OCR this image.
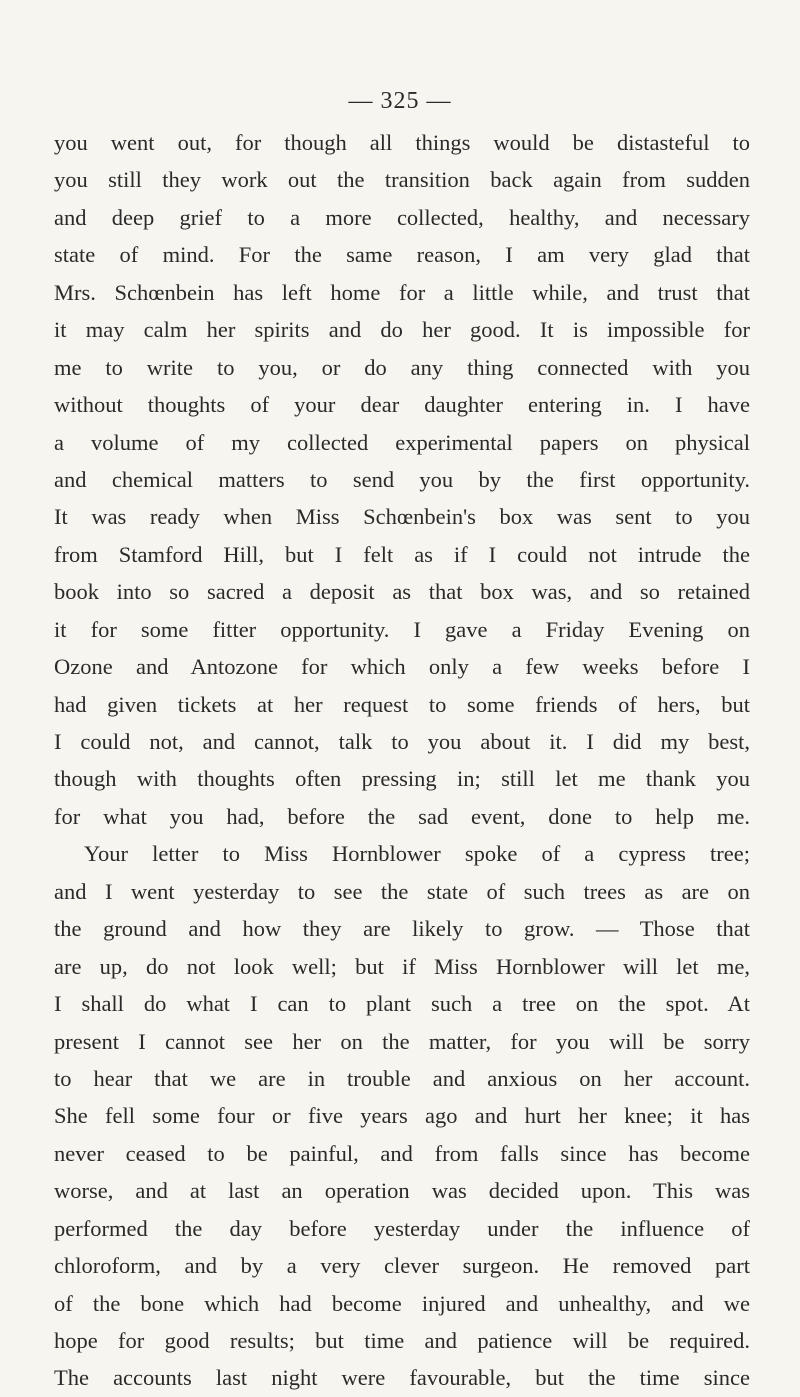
— 325 —
you went out, for though all things would be distasteful to
you still they work out the transition back again from sudden
and deep grief to a more collected, healthy, and necessary
state of mind. For the same reason, I am very glad that
Mrs. Schœnbein has left home for a little while, and trust that
it may calm her spirits and do her good. It is impossible for
me to write to you, or do any thing connected with you
without thoughts of your dear daughter entering in. I have
a volume of my collected experimental papers on physical
and chemical matters to send you by the first opportunity.
It was ready when Miss Schœnbein's box was sent to you
from Stamford Hill, but I felt as if I could not intrude the
book into so sacred a deposit as that box was, and so retained
it for some fitter opportunity. I gave a Friday Evening on
Ozone and Antozone for which only a few weeks before I
had given tickets at her request to some friends of hers, but
I could not, and cannot, talk to you about it. I did my best,
though with thoughts often pressing in; still let me thank you
for what you had, before the sad event, done to help me.
Your letter to Miss Hornblower spoke of a cypress tree;
and I went yesterday to see the state of such trees as are on
the ground and how they are likely to grow. — Those that
are up, do not look well; but if Miss Hornblower will let me,
I shall do what I can to plant such a tree on the spot. At
present I cannot see her on the matter, for you will be sorry
to hear that we are in trouble and anxious on her account.
She fell some four or five years ago and hurt her knee; it has
never ceased to be painful, and from falls since has become
worse, and at last an operation was decided upon. This was
performed the day before yesterday under the influence of
chloroform, and by a very clever surgeon. He removed part
of the bone which had become injured and unhealthy, and we
hope for good results; but time and patience will be required.
The accounts last night were favourable, but the time since
